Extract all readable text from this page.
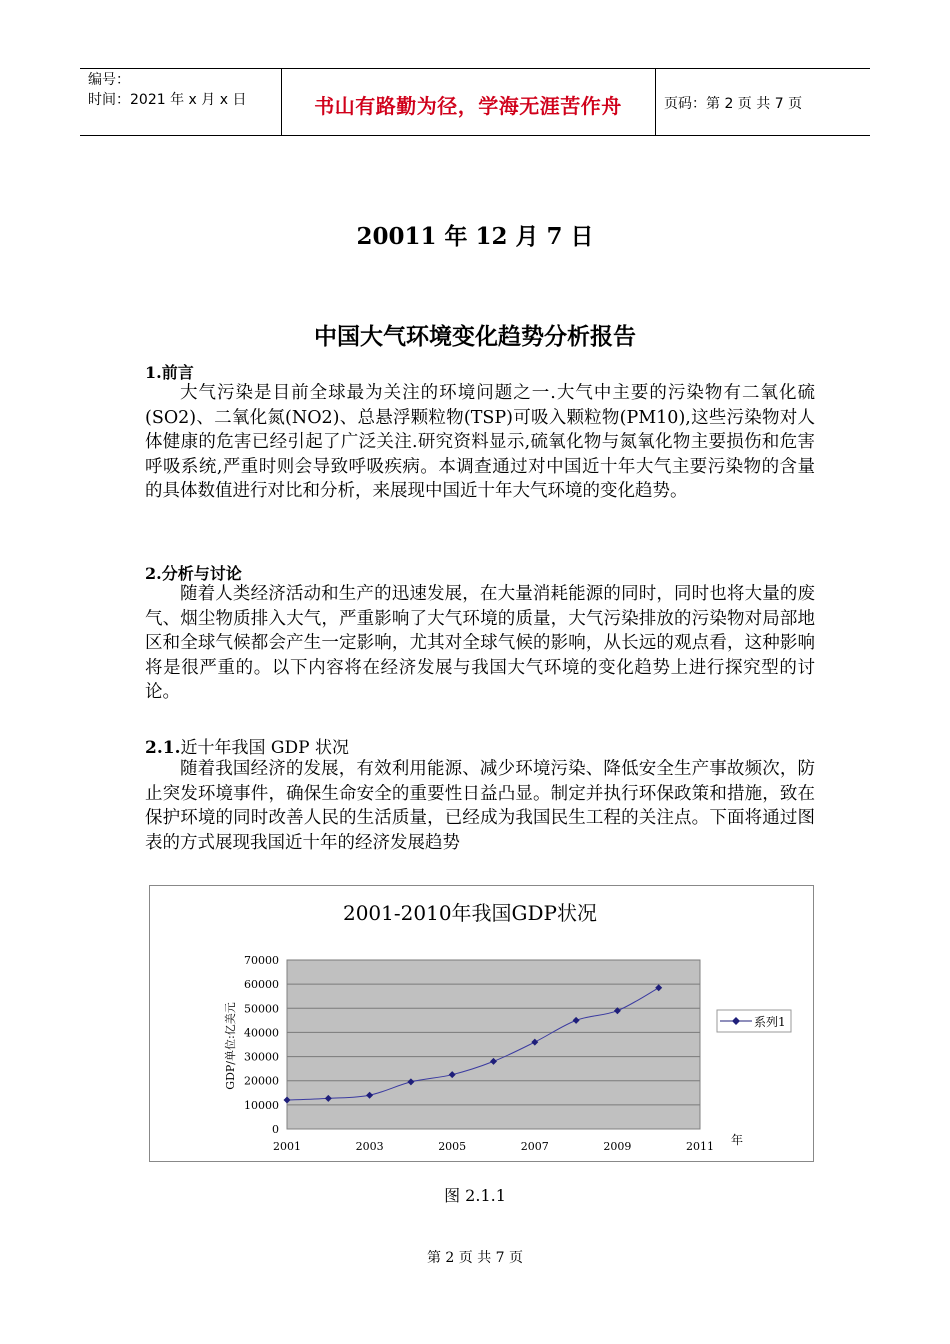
编号：
时间：2021 年 x 月 x 日	书山有路勤为径，学海无涯苦作舟	页码：第 2 页 共 7 页
20011 年 12 月 7 日
中国大气环境变化趋势分析报告
1.前言
大气污染是目前全球最为关注的环境问题之一.大气中主要的污染物有二氧化硫(SO2)、二氧化氮(NO2)、总悬浮颗粒物(TSP)可吸入颗粒物(PM10),这些污染物对人体健康的危害已经引起了广泛关注.研究资料显示,硫氧化物与氮氧化物主要损伤和危害呼吸系统,严重时则会导致呼吸疾病。本调查通过对中国近十年大气主要污染物的含量的具体数值进行对比和分析，来展现中国近十年大气环境的变化趋势。
2.分析与讨论
随着人类经济活动和生产的迅速发展，在大量消耗能源的同时，同时也将大量的废气、烟尘物质排入大气，严重影响了大气环境的质量，大气污染排放的污染物对局部地区和全球气候都会产生一定影响，尤其对全球气候的影响，从长远的观点看，这种影响将是很严重的。以下内容将在经济发展与我国大气环境的变化趋势上进行探究型的讨论。
2.1.近十年我国 GDP 状况
随着我国经济的发展，有效利用能源、减少环境污染、降低安全生产事故频次，防止突发环境事件，确保生命安全的重要性日益凸显。制定并执行环保政策和措施，致在保护环境的同时改善人民的生活质量，已经成为我国民生工程的关注点。下面将通过图表的方式展现我国近十年的经济发展趋势
2001-2010年我国GDP状况
0
10000
20000
30000
40000
50000
60000
70000
2001	2003	2005	2007	2009	2011
GDP/单位:亿美元
年
系列1
图 2.1.1
第 2 页 共 7 页
